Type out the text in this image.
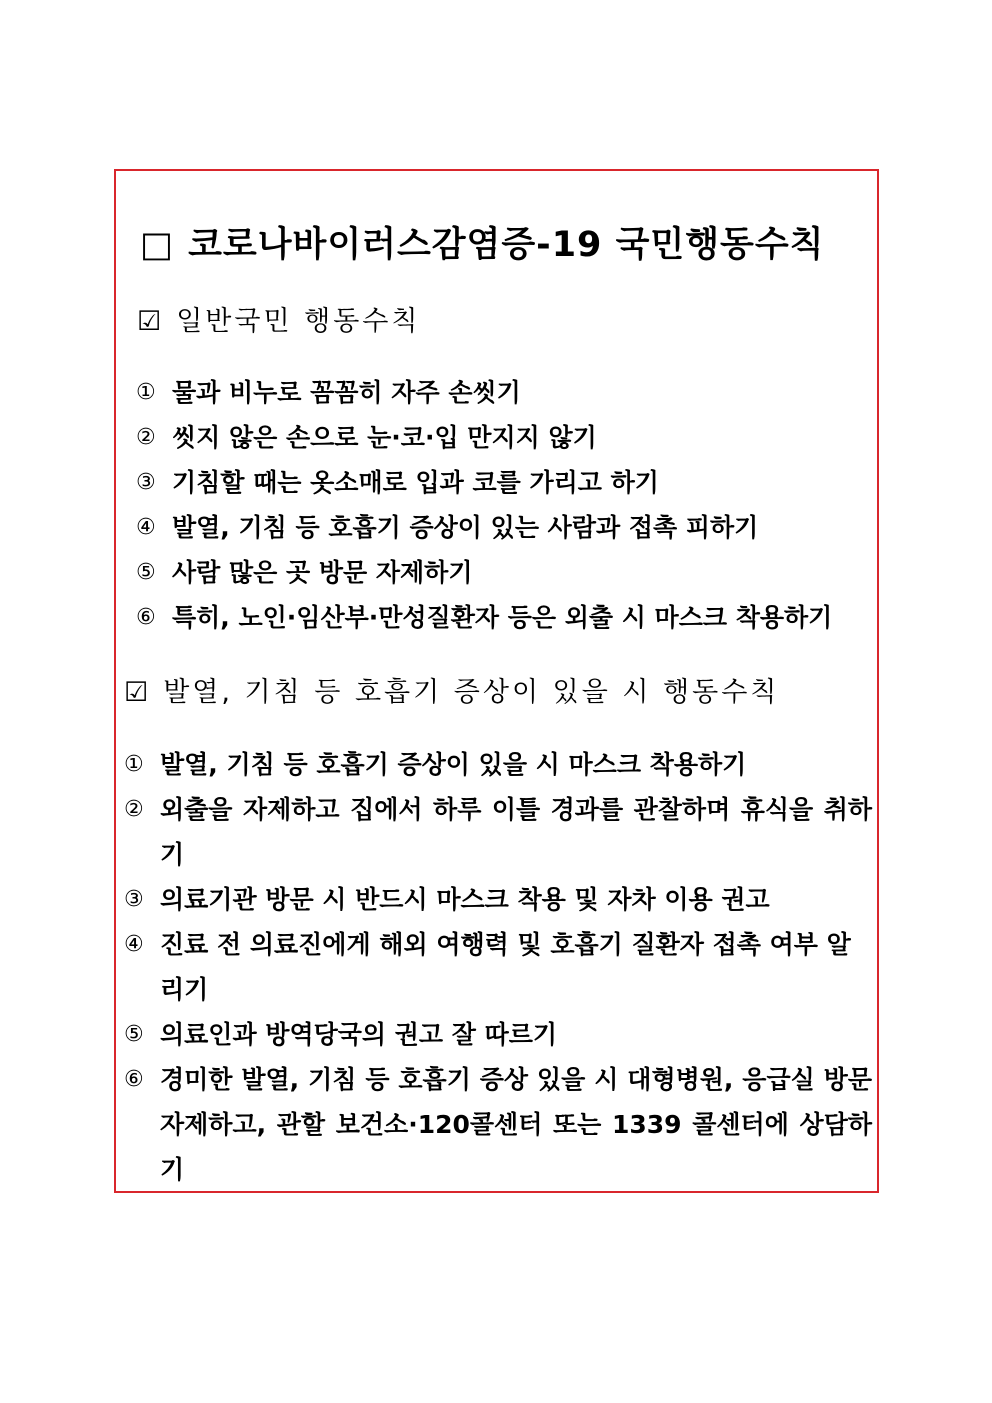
□ 코로나바이러스감염증-19 국민행동수칙
☑ 일반국민 행동수칙
① 물과 비누로 꼼꼼히 자주 손씻기
② 씻지 않은 손으로 눈·코·입 만지지 않기
③ 기침할 때는 옷소매로 입과 코를 가리고 하기
④ 발열, 기침 등 호흡기 증상이 있는 사람과 접촉 피하기
⑤ 사람 많은 곳 방문 자제하기
⑥ 특히, 노인·임산부·만성질환자 등은 외출 시 마스크 착용하기
☑ 발열, 기침 등 호흡기 증상이 있을 시 행동수칙
① 발열, 기침 등 호흡기 증상이 있을 시 마스크 착용하기
② 외출을 자제하고 집에서 하루 이틀 경과를 관찰하며 휴식을 취하기
③ 의료기관 방문 시 반드시 마스크 착용 및 자차 이용 권고
④ 진료 전 의료진에게 해외 여행력 및 호흡기 질환자 접촉 여부 알리기
⑤ 의료인과 방역당국의 권고 잘 따르기
⑥ 경미한 발열, 기침 등 호흡기 증상 있을 시 대형병원, 응급실 방문 자제하고, 관할 보건소·120콜센터 또는 1339 콜센터에 상담하기
